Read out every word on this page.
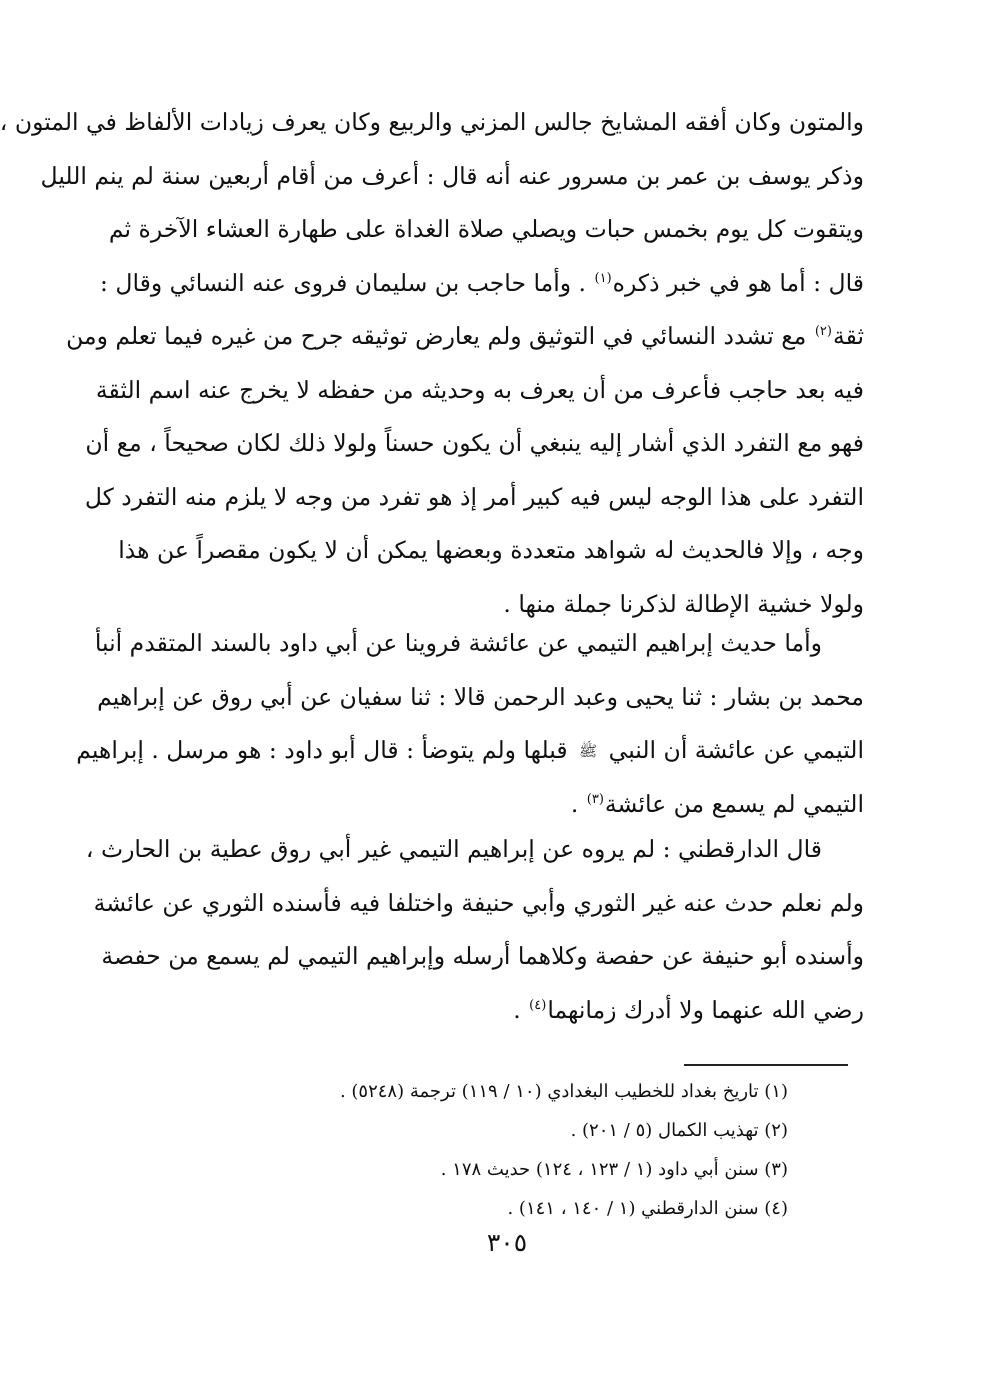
والمتون وكان أفقه المشايخ جالس المزني والربيع وكان يعرف زيادات الألفاظ في المتون ،
وذكر يوسف بن عمر بن مسرور عنه أنه قال : أعرف من أقام أربعين سنة لم ينم الليل
ويتقوت كل يوم بخمس حبات ويصلي صلاة الغداة على طهارة العشاء الآخرة ثم
قال : أما هو في خبر ذكره$^{(١)}$ . وأما حاجب بن سليمان فروى عنه النسائي وقال :
ثقة$^{(٢)}$ مع تشدد النسائي في التوثيق ولم يعارض توثيقه جرح من غيره فيما تعلم ومن
فيه بعد حاجب فأعرف من أن يعرف به وحديثه من حفظه لا يخرج عنه اسم الثقة
فهو مع التفرد الذي أشار إليه ينبغي أن يكون حسناً ولولا ذلك لكان صحيحاً ، مع أن
التفرد على هذا الوجه ليس فيه كبير أمر إذ هو تفرد من وجه لا يلزم منه التفرد كل
وجه ، وإلا فالحديث له شواهد متعددة وبعضها يمكن أن لا يكون مقصراً عن هذا
ولولا خشية الإطالة لذكرنا جملة منها .
وأما حديث إبراهيم التيمي عن عائشة فروينا عن أبي داود بالسند المتقدم أنبأ
محمد بن بشار : ثنا يحيى وعبد الرحمن قالا : ثنا سفيان عن أبي روق عن إبراهيم
التيمي عن عائشة أن النبي ﷺ قبلها ولم يتوضأ : قال أبو داود : هو مرسل . إبراهيم
التيمي لم يسمع من عائشة$^{(٣)}$ .
قال الدارقطني : لم يروه عن إبراهيم التيمي غير أبي روق عطية بن الحارث ،
ولم نعلم حدث عنه غير الثوري وأبي حنيفة واختلفا فيه فأسنده الثوري عن عائشة
وأسنده أبو حنيفة عن حفصة وكلاهما أرسله وإبراهيم التيمي لم يسمع من حفصة
رضي الله عنهما ولا أدرك زمانهما$^{(٤)}$ .
(١) تاريخ بغداد للخطيب البغدادي (١٠ / ١١٩) ترجمة (٥٢٤٨) .
(٢) تهذيب الكمال (٥ / ٢٠١) .
(٣) سنن أبي داود (١ / ١٢٣ ، ١٢٤) حديث ١٧٨ .
(٤) سنن الدارقطني (١ / ١٤٠ ، ١٤١) .
٣٠٥
